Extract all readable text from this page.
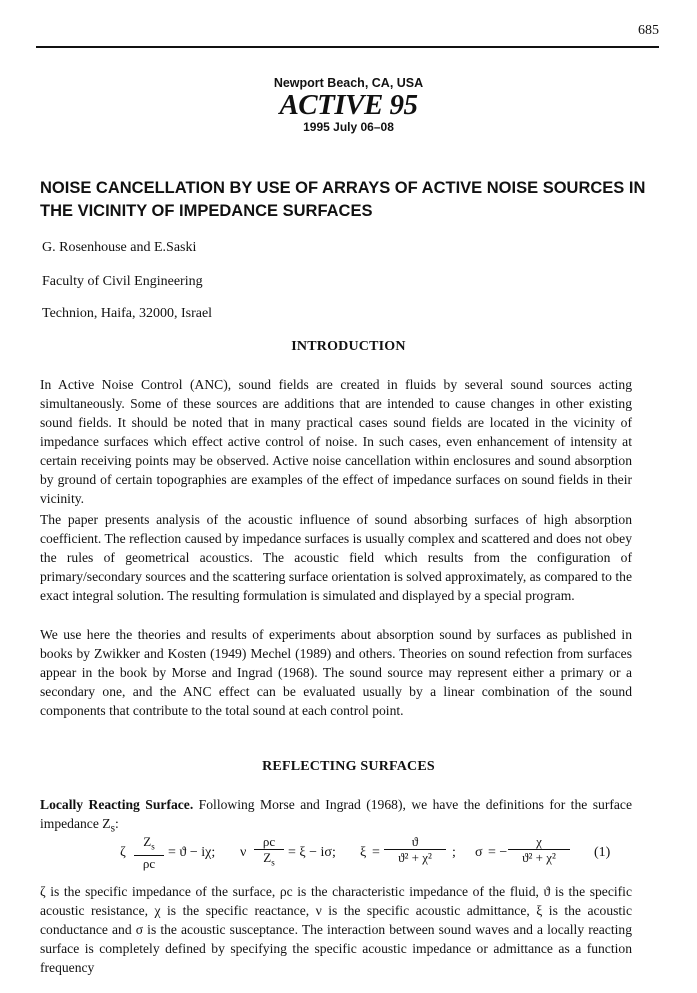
685

Newport Beach, CA, USA

ACTIVE 95

1995 July 06–08

NOISE CANCELLATION BY USE OF ARRAYS OF ACTIVE NOISE SOURCES IN THE VICINITY OF IMPEDANCE SURFACES
G. Rosenhouse and E.Saski
Faculty of Civil Engineering
Technion, Haifa, 32000, Israel
INTRODUCTION

In Active Noise Control (ANC), sound fields are created in fluids by several sound sources acting simultaneously. Some of these sources are additions that are intended to cause changes in other existing sound fields. It should be noted that in many practical cases sound fields are located in the vicinity of impedance surfaces which effect active control of noise. In such cases, even enhancement of intensity at certain receiving points may be observed. Active noise cancellation within enclosures and sound absorption by ground of certain topographies are examples of the effect of impedance surfaces on sound fields in their vicinity.

The paper presents analysis of the acoustic influence of sound absorbing surfaces of high absorption coefficient. The reflection caused by impedance surfaces is usually complex and scattered and does not obey the rules of geometrical acoustics. The acoustic field which results from the configuration of primary/secondary sources and the scattering surface orientation is solved approximately, as compared to the exact integral solution. The resulting formulation is simulated and displayed by a special program.

We use here the theories and results of experiments about absorption sound by surfaces as published in books by Zwikker and Kosten (1949) Mechel (1989) and others. Theories on sound refection from surfaces appear in the book by Morse and Ingrad (1968). The sound source may represent either a primary or a secondary one, and the ANC effect can be evaluated usually by a linear combination of the sound components that contribute to the total sound at each control point.

REFLECTING SURFACES

Locally Reacting Surface. Following Morse and Ingrad (1968), we have the definitions for the surface impedance $Z_s$:

ζ $\frac{Z_s}{\rho c} = ϑ - i\chi$; ν $\frac{\rho c}{Z_s} = \xi - i\sigma$; $\xi = \frac{ϑ}{\text{ϑ² + χ²}}$ ; σ = − $\frac{\chi}{\text{ϑ² + χ²}} (1)$

ζ is the specific impedance of the surface, ρc is the characteristic impedance of the fluid, ϑ is the specific acoustic resistance, χ is the specific reactance, ν is the specific acoustic admittance, ξ is the acoustic conductance and σ is the acoustic susceptance. The interaction between sound waves and a locally reacting surface is completely defined by specifying the specific acoustic impedance or admittance as a function frequency
